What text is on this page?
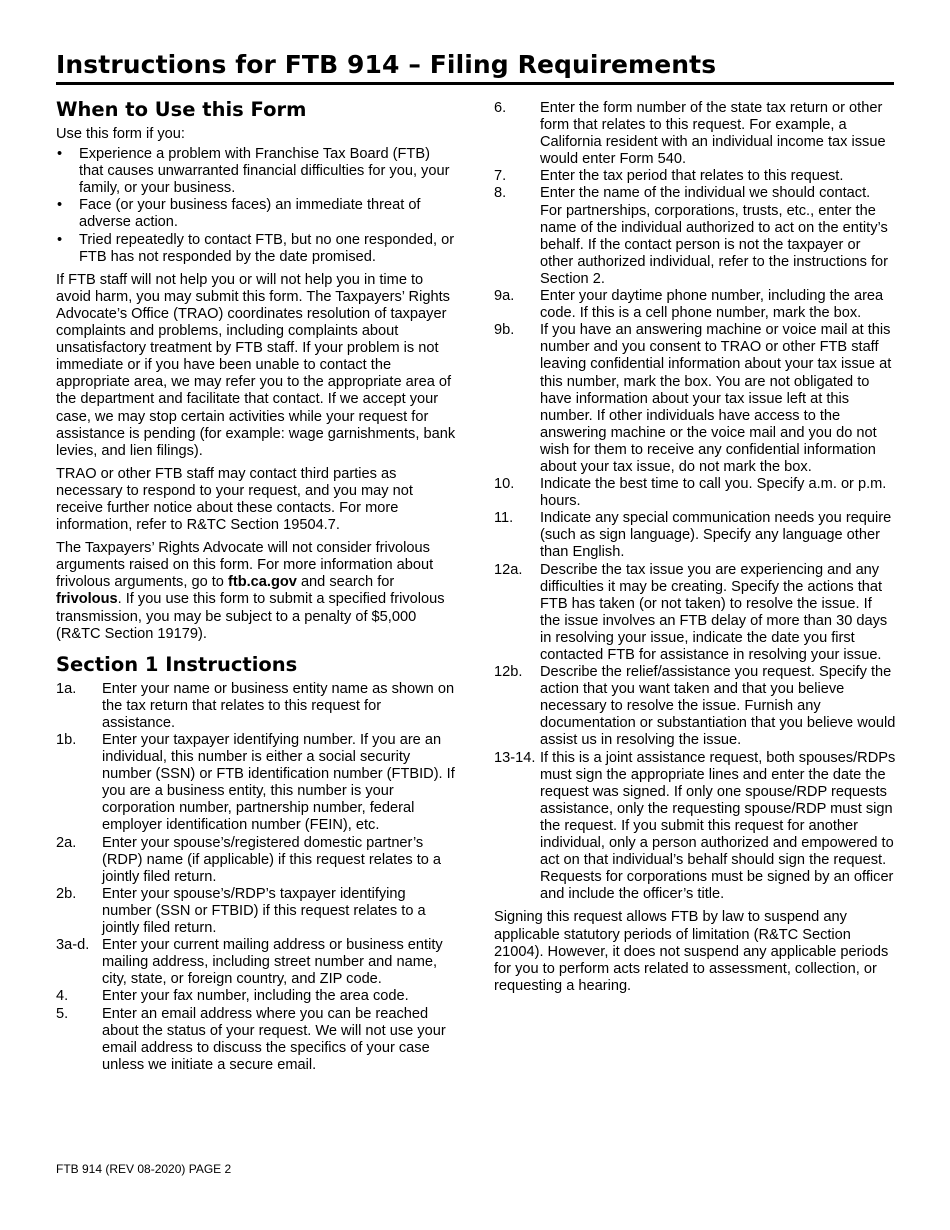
Instructions for FTB 914 – Filing Requirements
When to Use this Form

Use this form if you:

• Experience a problem with Franchise Tax Board (FTB) that causes unwarranted financial difficulties for you, your family, or your business.
• Face (or your business faces) an immediate threat of adverse action.
• Tried repeatedly to contact FTB, but no one responded, or FTB has not responded by the date promised.

If FTB staff will not help you or will not help you in time to avoid harm, you may submit this form. The Taxpayers’ Rights Advocate’s Office (TRAO) coordinates resolution of taxpayer complaints and problems, including complaints about unsatisfactory treatment by FTB staff. If your problem is not immediate or if you have been unable to contact the appropriate area, we may refer you to the appropriate area of the department and facilitate that contact. If we accept your case, we may stop certain activities while your request for assistance is pending (for example: wage garnishments, bank levies, and lien filings).

TRAO or other FTB staff may contact third parties as necessary to respond to your request, and you may not receive further notice about these contacts. For more information, refer to R&TC Section 19504.7.

The Taxpayers’ Rights Advocate will not consider frivolous arguments raised on this form. For more information about frivolous arguments, go to ftb.ca.gov and search for frivolous. If you use this form to submit a specified frivolous transmission, you may be subject to a penalty of $5,000 (R&TC Section 19179).

Section 1 Instructions
1a.	Enter your name or business entity name as shown on the tax return that relates to this request for assistance.
1b.	Enter your taxpayer identifying number. If you are an individual, this number is either a social security number (SSN) or FTB identification number (FTBID). If you are a business entity, this number is your corporation number, partnership number, federal employer identification number (FEIN), etc.
2a.	Enter your spouse’s/registered domestic partner’s (RDP) name (if applicable) if this request relates to a jointly filed return.
2b.	Enter your spouse’s/RDP’s taxpayer identifying number (SSN or FTBID) if this request relates to a jointly filed return.
3a-d. Enter your current mailing address or business entity mailing address, including street number and name, city, state, or foreign country, and ZIP code.
4.	Enter your fax number, including the area code.
5.	Enter an email address where you can be reached about the status of your request. We will not use your email address to discuss the specifics of your case unless we initiate a secure email.
6.	Enter the form number of the state tax return or other form that relates to this request. For example, a California resident with an individual income tax issue would enter Form 540.
7.	Enter the tax period that relates to this request.
8.	Enter the name of the individual we should contact. For partnerships, corporations, trusts, etc., enter the name of the individual authorized to act on the entity’s behalf. If the contact person is not the taxpayer or other authorized individual, refer to the instructions for Section 2.
9a.	Enter your daytime phone number, including the area code. If this is a cell phone number, mark the box.
9b.	If you have an answering machine or voice mail at this number and you consent to TRAO or other FTB staff leaving confidential information about your tax issue at this number, mark the box. You are not obligated to have information about your tax issue left at this number. If other individuals have access to the answering machine or the voice mail and you do not wish for them to receive any confidential information about your tax issue, do not mark the box.
10.	Indicate the best time to call you. Specify a.m. or p.m. hours.
11.	Indicate any special communication needs you require (such as sign language). Specify any language other than English.
12a.	Describe the tax issue you are experiencing and any difficulties it may be creating. Specify the actions that FTB has taken (or not taken) to resolve the issue. If the issue involves an FTB delay of more than 30 days in resolving your issue, indicate the date you first contacted FTB for assistance in resolving your issue.
12b.	Describe the relief/assistance you request. Specify the action that you want taken and that you believe necessary to resolve the issue. Furnish any documentation or substantiation that you believe would assist us in resolving the issue.
13-14. If this is a joint assistance request, both spouses/RDPs must sign the appropriate lines and enter the date the request was signed. If only one spouse/RDP requests assistance, only the requesting spouse/RDP must sign the request. If you submit this request for another individual, only a person authorized and empowered to act on that individual’s behalf should sign the request. Requests for corporations must be signed by an officer and include the officer’s title.

Signing this request allows FTB by law to suspend any applicable statutory periods of limitation (R&TC Section 21004). However, it does not suspend any applicable periods for you to perform acts related to assessment, collection, or requesting a hearing.

FTB 914 (REV 08-2020) PAGE 2
